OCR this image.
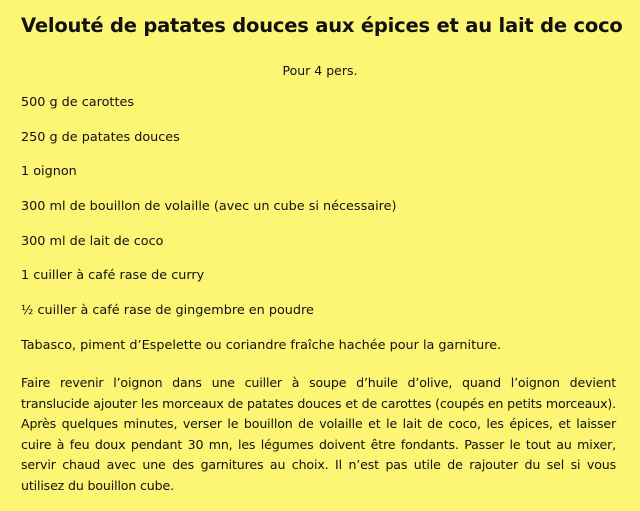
Velouté de patates douces aux épices et au lait de coco
Pour 4 pers.
500 g de carottes
250 g de patates douces
1 oignon
300 ml de bouillon de volaille (avec un cube si nécessaire)
300 ml de lait de coco
1 cuiller à café rase de curry
½ cuiller à café rase de gingembre en poudre
Tabasco, piment d’Espelette ou coriandre fraîche hachée pour la garniture.

Faire revenir l’oignon dans une cuiller à soupe d’huile d’olive, quand l’oignon devient translucide ajouter les morceaux de patates douces et de carottes (coupés en petits morceaux). Après quelques minutes, verser le bouillon de volaille et le lait de coco, les épices, et laisser cuire à feu doux pendant 30 mn, les légumes doivent être fondants. Passer le tout au mixer, servir chaud avec une des garnitures au choix. Il n’est pas utile de rajouter du sel si vous utilisez du bouillon cube.
